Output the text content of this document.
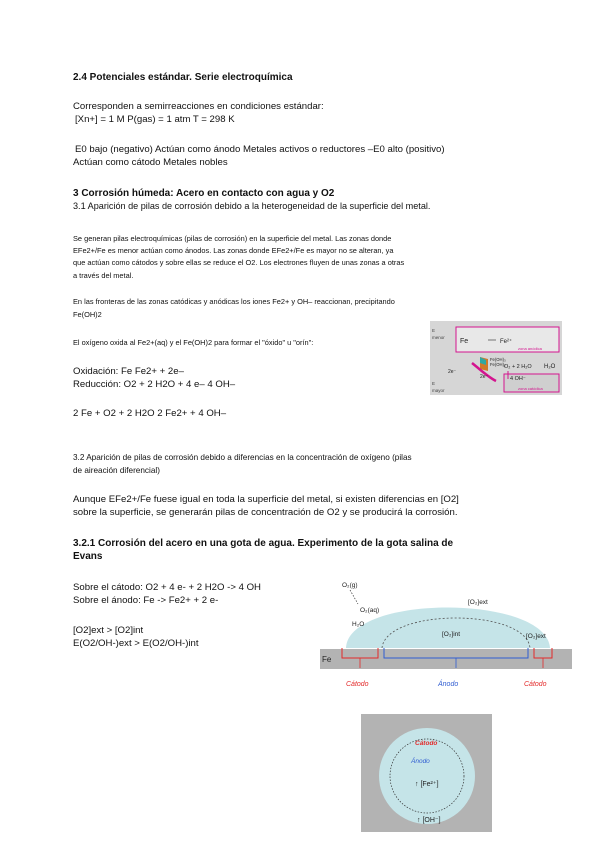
2.4 Potenciales estándar. Serie electroquímica

Corresponden a semirreacciones en condiciones estándar:

[Xn+] = 1 M P(gas) = 1 atm T = 298 K

E0 bajo (negativo) Actúan como ánodo Metales activos o reductores –E0 alto (positivo)

Actúan como cátodo Metales nobles

3 Corrosión húmeda: Acero en contacto con agua y O2

3.1 Aparición de pilas de corrosión debido a la heterogeneidad de la superficie del metal.

Se generan pilas electroquímicas (pilas de corrosión) en la superficie del metal. Las zonas donde

EFe2+/Fe es menor actúan como ánodos. Las zonas donde EFe2+/Fe es mayor no se alteran, ya

que actúan como cátodos y sobre ellas se reduce el O2. Los electrones fluyen de unas zonas a otras

a través del metal.

En las fronteras de las zonas catódicas y anódicas los iones Fe2+ y OH– reaccionan, precipitando

Fe(OH)2

El oxígeno oxida al Fe2+(aq) y el Fe(OH)2 para formar el "óxido" u "orín":

Oxidación: Fe Fe2+ + 2e–

Reducción: O2 + 2 H2O + 4 e– 4 OH–

2 Fe + O2 + 2 H2O 2 Fe2+ + 4 OH–

3.2 Aparición de pilas de corrosión debido a diferencias en la concentración de oxígeno (pilas

de aireación diferencial)

Aunque EFe2+/Fe fuese igual en toda la superficie del metal, si existen diferencias en [O2]

sobre la superficie, se generarán pilas de concentración de O2 y se producirá la corrosión.

3.2.1 Corrosión del acero en una gota de agua. Experimento de la gota salina de

Evans

Sobre el cátodo: O2 + 4 e- + 2 H2O -> 4 OH

Sobre el ánodo: Fe -> Fe2+ + 2 e-

[O2]ext > [O2]int

E(O2/OH-)ext > E(O2/OH-)int

E
menor
Fe	Fe²⁺
zona anódica
Fe(OH)₃
Fe(OH)₂
2e⁻
2e⁻
O₂ + 2 H₂O
4 OH⁻
H₂O
E
mayor	zona catódica
Fe
O₂(g)
O₂(aq)
[O₂]ext
H₂O
[O₂]int	[O₂]ext
Cátodo	Ánodo	Cátodo
Cátodo
Ánodo
↑ [Fe²⁺]
↑ [OH⁻]
